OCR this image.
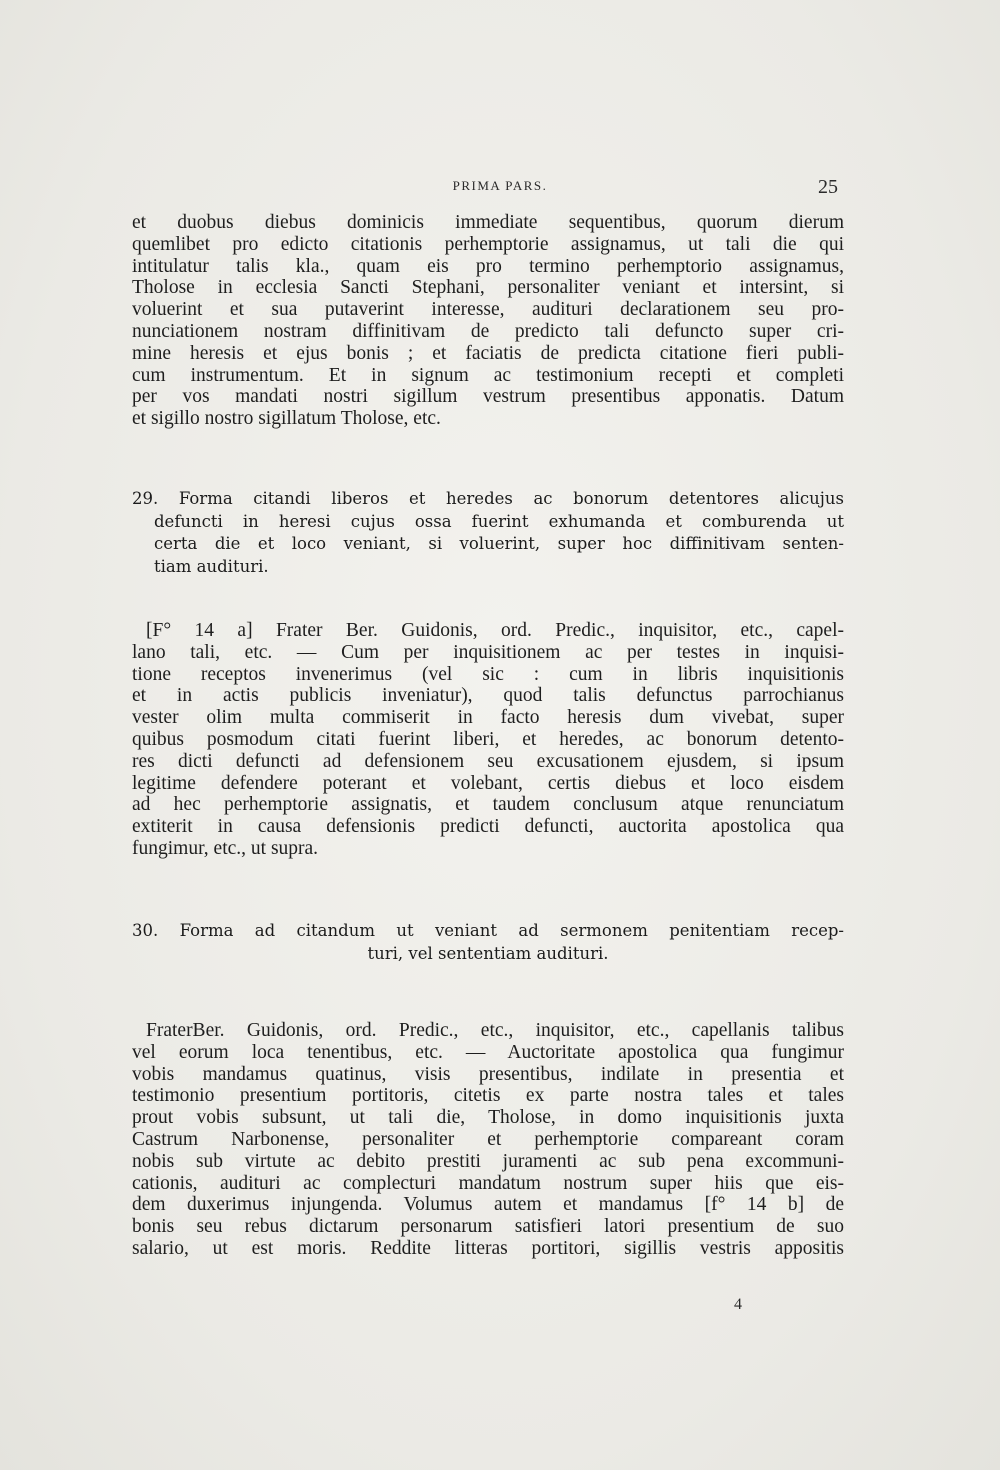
PRIMA PARS.	25
et duobus diebus dominicis immediate sequentibus, quorum dierum
quemlibet pro edicto citationis perhemptorie assignamus, ut tali die qui
intitulatur talis kla., quam eis pro termino perhemptorio assignamus,
Tholose in ecclesia Sancti Stephani, personaliter veniant et intersint, si
voluerint et sua putaverint interesse, audituri declarationem seu pro-
nunciationem nostram diffinitivam de predicto tali defuncto super cri-
mine heresis et ejus bonis ; et faciatis de predicta citatione fieri publi-
cum instrumentum. Et in signum ac testimonium recepti et completi
per vos mandati nostri sigillum vestrum presentibus apponatis. Datum
et sigillo nostro sigillatum Tholose, etc.
29. Forma citandi liberos et heredes ac bonorum detentores alicujus
defuncti in heresi cujus ossa fuerint exhumanda et comburenda ut
certa die et loco veniant, si voluerint, super hoc diffinitivam senten-
tiam audituri.
[F° 14 a] Frater Ber. Guidonis, ord. Predic., inquisitor, etc., capel-
lano tali, etc. — Cum per inquisitionem ac per testes in inquisi-
tione receptos invenerimus (vel sic : cum in libris inquisitionis
et in actis publicis inveniatur), quod talis defunctus parrochianus
vester olim multa commiserit in facto heresis dum vivebat, super
quibus posmodum citati fuerint liberi, et heredes, ac bonorum detento-
res dicti defuncti ad defensionem seu excusationem ejusdem, si ipsum
legitime defendere poterant et volebant, certis diebus et loco eisdem
ad hec perhemptorie assignatis, et taudem conclusum atque renunciatum
extiterit in causa defensionis predicti defuncti, auctorita apostolica qua
fungimur, etc., ut supra.
30. Forma ad citandum ut veniant ad sermonem penitentiam recep-
turi, vel sententiam audituri.
FraterBer. Guidonis, ord. Predic., etc., inquisitor, etc., capellanis talibus
vel eorum loca tenentibus, etc. — Auctoritate apostolica qua fungimur
vobis mandamus quatinus, visis presentibus, indilate in presentia et
testimonio presentium portitoris, citetis ex parte nostra tales et tales
prout vobis subsunt, ut tali die, Tholose, in domo inquisitionis juxta
Castrum Narbonense, personaliter et perhemptorie compareant coram
nobis sub virtute ac debito prestiti juramenti ac sub pena excommuni-
cationis, audituri ac complecturi mandatum nostrum super hiis que eis-
dem duxerimus injungenda. Volumus autem et mandamus [f° 14 b] de
bonis seu rebus dictarum personarum satisfieri latori presentium de suo
salario, ut est moris. Reddite litteras portitori, sigillis vestris appositis
4
